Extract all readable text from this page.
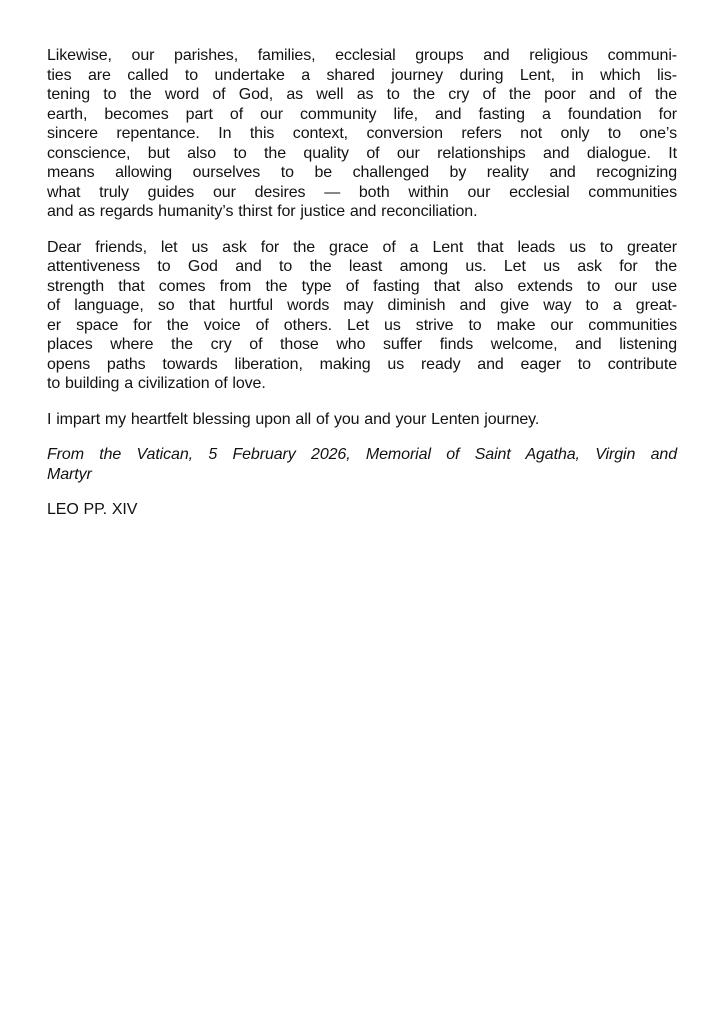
Likewise, our parishes, families, ecclesial groups and religious communi-
ties are called to undertake a shared journey during Lent, in which lis-
tening to the word of God, as well as to the cry of the poor and of the
earth, becomes part of our community life, and fasting a foundation for
sincere repentance. In this context, conversion refers not only to one’s
conscience, but also to the quality of our relationships and dialogue. It
means allowing ourselves to be challenged by reality and recognizing
what truly guides our desires — both within our ecclesial communities
and as regards humanity’s thirst for justice and reconciliation.

Dear friends, let us ask for the grace of a Lent that leads us to greater
attentiveness to God and to the least among us. Let us ask for the
strength that comes from the type of fasting that also extends to our use
of language, so that hurtful words may diminish and give way to a great-
er space for the voice of others. Let us strive to make our communities
places where the cry of those who suffer finds welcome, and listening
opens paths towards liberation, making us ready and eager to contribute
to building a civilization of love.

I impart my heartfelt blessing upon all of you and your Lenten journey.

From the Vatican, 5 February 2026, Memorial of Saint Agatha, Virgin and
Martyr

LEO PP. XIV
